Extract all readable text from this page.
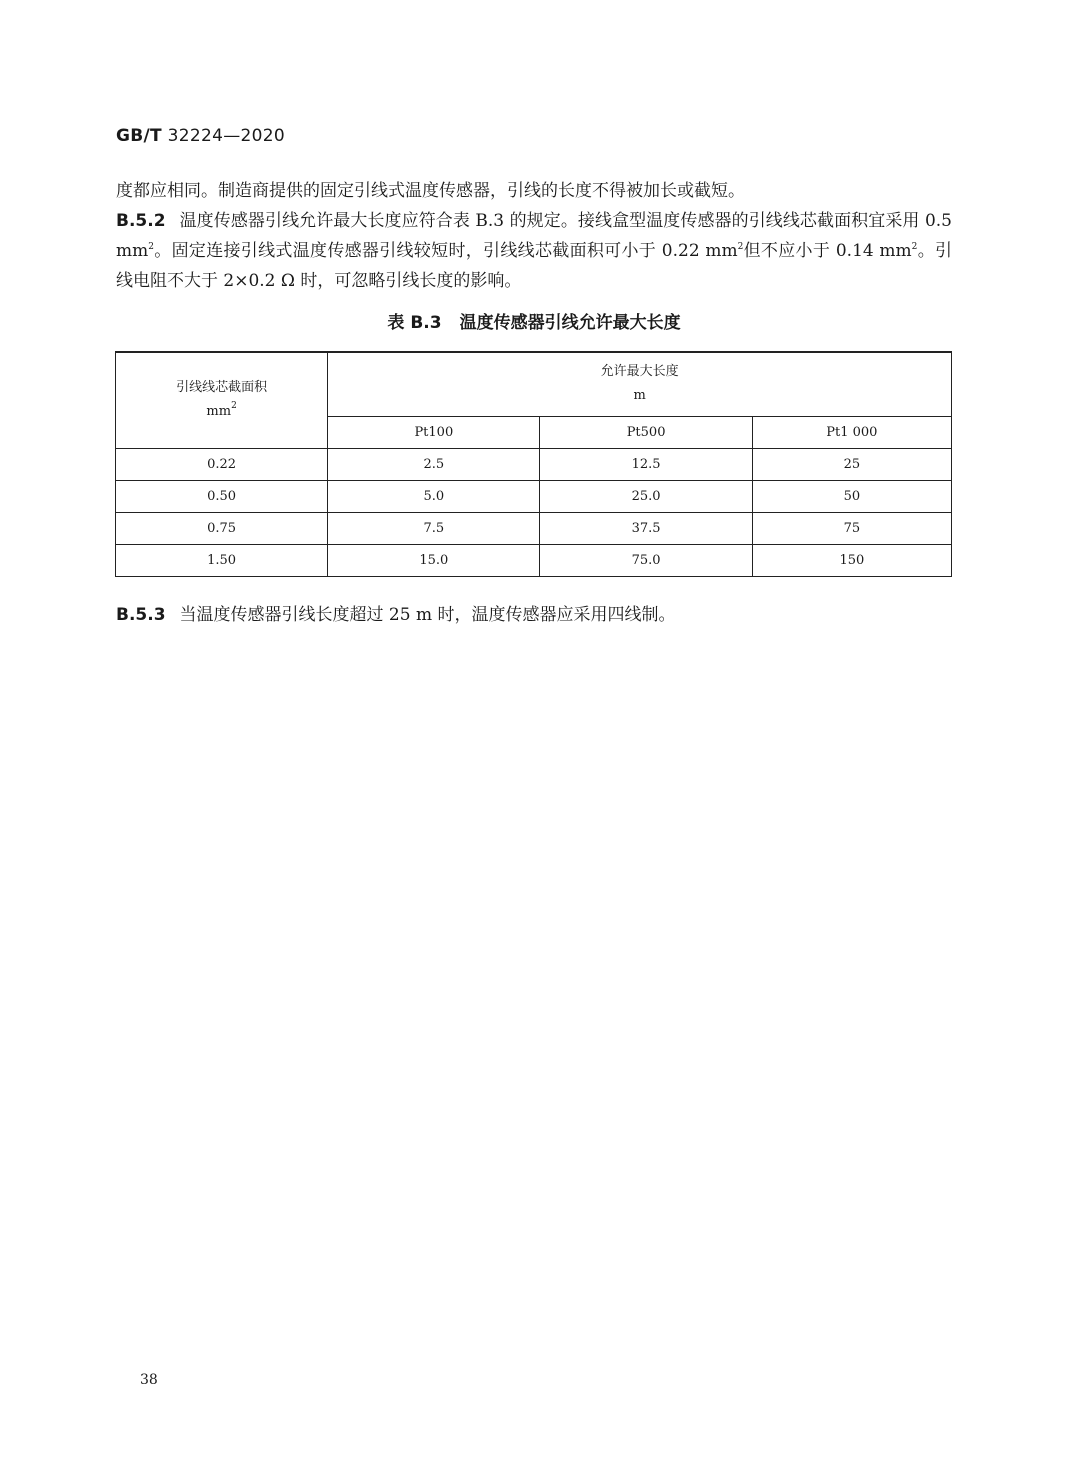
GB/T 32224—2020
度都应相同。制造商提供的固定引线式温度传感器，引线的长度不得被加长或截短。
B.5.2 温度传感器引线允许最大长度应符合表 B.3 的规定。接线盒型温度传感器的引线线芯截面积宜采用 0.5 $mm^2$。固定连接引线式温度传感器引线较短时，引线线芯截面积可小于 0.22 $mm^2$但不应小于 0.14 $mm^2$。引线电阻不大于 2×0.2 Ω 时，可忽略引线长度的影响。
表 B.3 温度传感器引线允许最大长度
引线线芯截面积
$mm^2$	允许最大长度
m		

	Pt100	Pt500	Pt1 000
0.22	2.5	12.5	25
0.50	5.0	25.0	50
0.75	7.5	37.5	75
1.50	15.0	75.0	150
B.5.3 当温度传感器引线长度超过 25 m 时，温度传感器应采用四线制。
38
